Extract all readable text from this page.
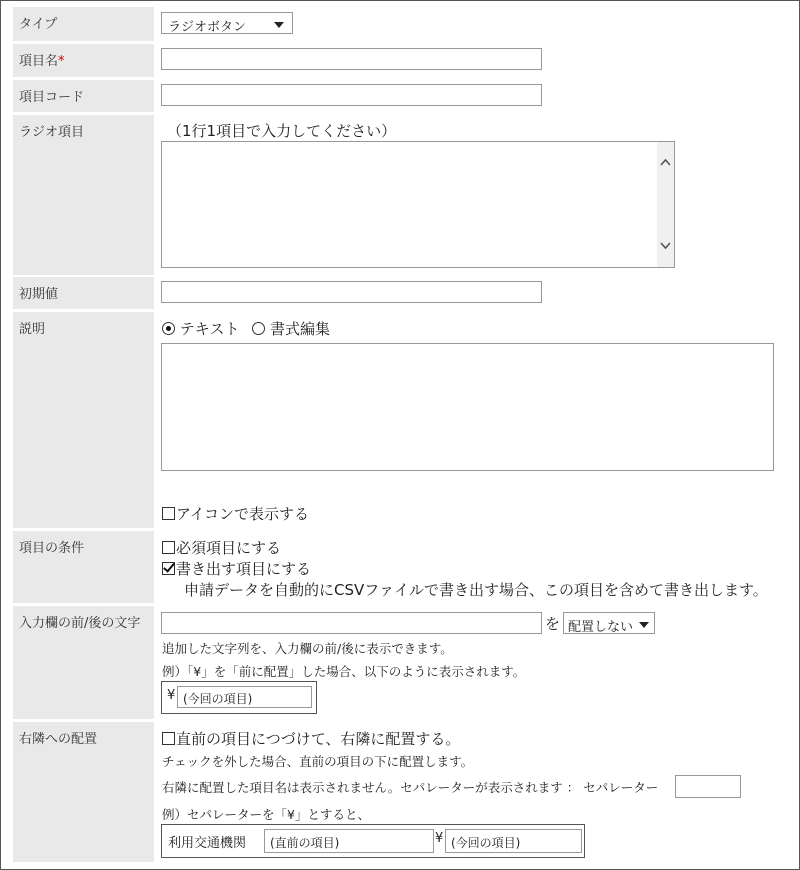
タイプ
項目名*
項目コード
ラジオ項目
初期値
説明
項目の条件
入力欄の前/後の文字
右隣への配置
ラジオボタン
（1行1項目で入力してください）
テキスト 書式編集
アイコンで表示する
必須項目にする
書き出す項目にする
申請データを自動的にCSVファイルで書き出す場合、この項目を含めて書き出します。
を 配置しない
追加した文字列を、入力欄の前/後に表示できます。
例）「¥」を「前に配置」した場合、以下のように表示されます。
¥ (今回の項目)
直前の項目につづけて、右隣に配置する。
チェックを外した場合、直前の項目の下に配置します。
右隣に配置した項目名は表示されません。セパレーターが表示されます ： セパレーター
例）セパレーターを「¥」とすると、
利用交通機関	(直前の項目)	¥ (今回の項目)
